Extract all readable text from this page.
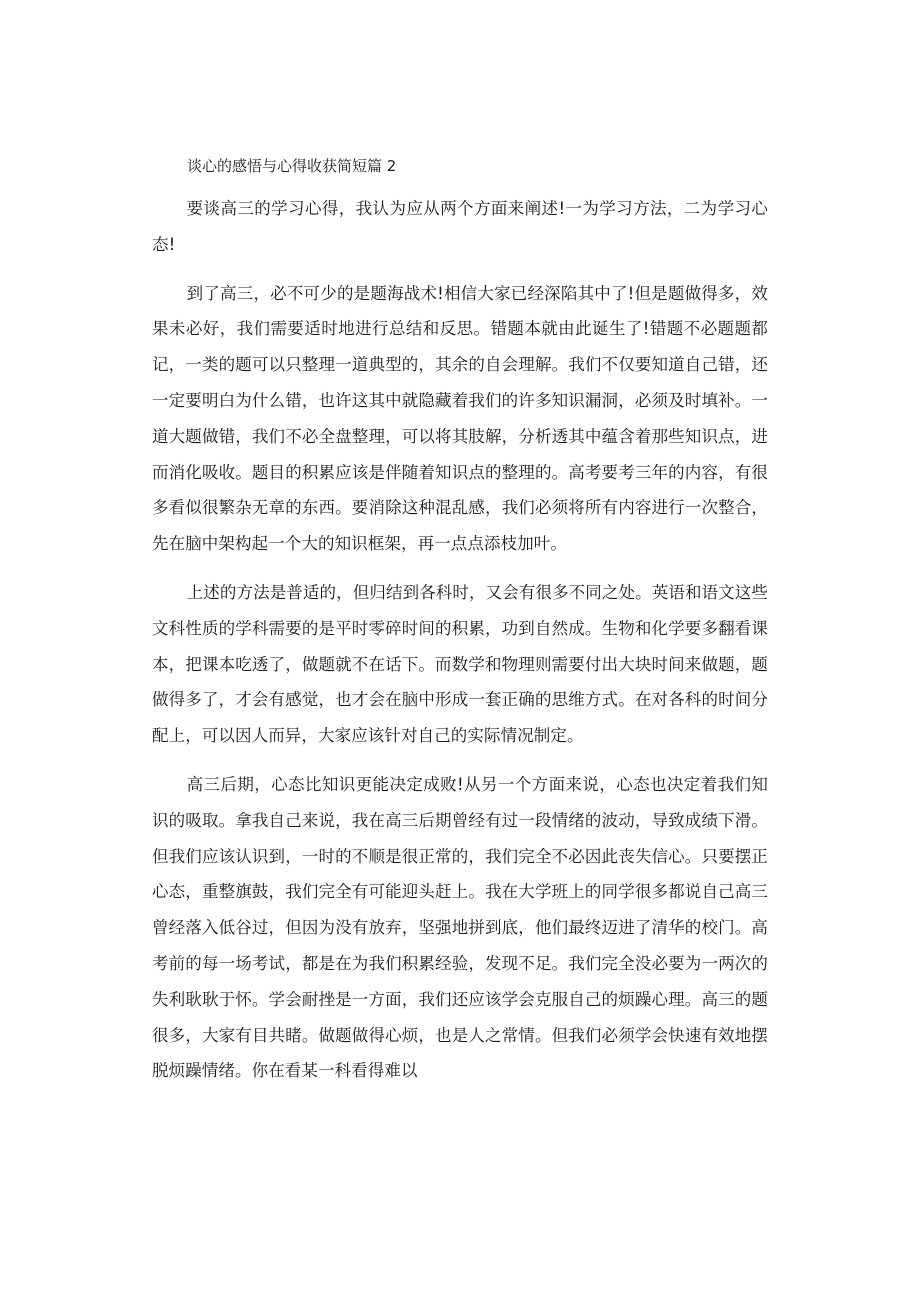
谈心的感悟与心得收获简短篇 2

要谈高三的学习心得，我认为应从两个方面来阐述!一为学习方法，二为学习心态!

到了高三，必不可少的是题海战术!相信大家已经深陷其中了!但是题做得多，效果未必好，我们需要适时地进行总结和反思。错题本就由此诞生了!错题不必题题都记，一类的题可以只整理一道典型的，其余的自会理解。我们不仅要知道自己错，还一定要明白为什么错，也许这其中就隐藏着我们的许多知识漏洞，必须及时填补。一道大题做错，我们不必全盘整理，可以将其肢解，分析透其中蕴含着那些知识点，进而消化吸收。题目的积累应该是伴随着知识点的整理的。高考要考三年的内容，有很多看似很繁杂无章的东西。要消除这种混乱感，我们必须将所有内容进行一次整合，先在脑中架构起一个大的知识框架，再一点点添枝加叶。

上述的方法是普适的，但归结到各科时，又会有很多不同之处。英语和语文这些文科性质的学科需要的是平时零碎时间的积累，功到自然成。生物和化学要多翻看课本，把课本吃透了，做题就不在话下。而数学和物理则需要付出大块时间来做题，题做得多了，才会有感觉，也才会在脑中形成一套正确的思维方式。在对各科的时间分配上，可以因人而异，大家应该针对自己的实际情况制定。

高三后期，心态比知识更能决定成败!从另一个方面来说，心态也决定着我们知识的吸取。拿我自己来说，我在高三后期曾经有过一段情绪的波动，导致成绩下滑。但我们应该认识到，一时的不顺是很正常的，我们完全不必因此丧失信心。只要摆正心态，重整旗鼓，我们完全有可能迎头赶上。我在大学班上的同学很多都说自己高三曾经落入低谷过，但因为没有放弃，坚强地拼到底，他们最终迈进了清华的校门。高考前的每一场考试，都是在为我们积累经验，发现不足。我们完全没必要为一两次的失利耿耿于怀。学会耐挫是一方面，我们还应该学会克服自己的烦躁心理。高三的题很多，大家有目共睹。做题做得心烦，也是人之常情。但我们必须学会快速有效地摆脱烦躁情绪。你在看某一科看得难以
